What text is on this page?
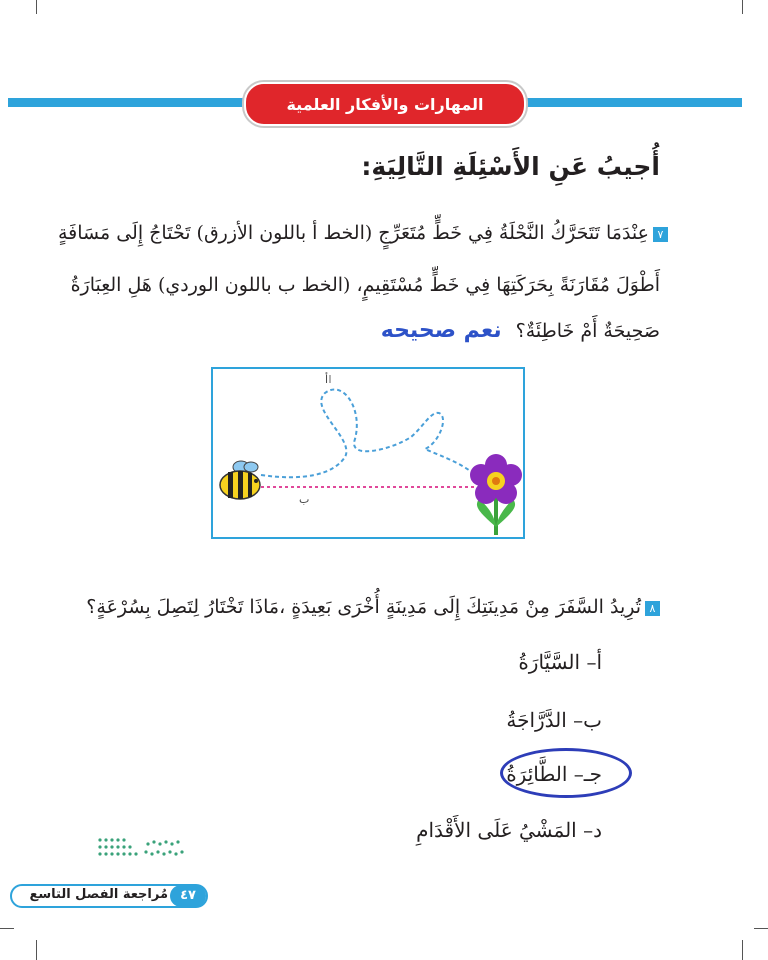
المهارات والأفكار العلمية
أُجيبُ عَنِ الأَسْئِلَةِ التَّالِيَةِ:
٧عِنْدَمَا تَتَحَرَّكُ النَّحْلَةُ فِي خَطٍّ مُتَعَرِّجٍ (الخط أ باللون الأزرق) تَحْتَاجُ إِلَى مَسَافَةٍ
أَطْوَلَ مُقَارَنَةً بِحَرَكَتِهَا فِي خَطٍّ مُسْتَقِيمٍ، (الخط ب باللون الوردي) هَلِ العِبَارَةُ
صَحِيحَةٌ أَمْ خَاطِئَةٌ؟نعم صحيحه
أ
ب
٨تُرِيدُ السَّفَرَ مِنْ مَدِينَتِكَ إِلَى مَدِينَةٍ أُخْرَى بَعِيدَةٍ ،مَاذَا تَخْتَارُ لِتَصِلَ بِسُرْعَةٍ؟
أ– السَّيَّارَةُ
ب– الدَّرَّاجَةُ
جـ– الطَّائِرَةُ
د– المَشْيُ عَلَى الأَقْدَامِ
مُراجعة الفصل التاسع ٤٧
